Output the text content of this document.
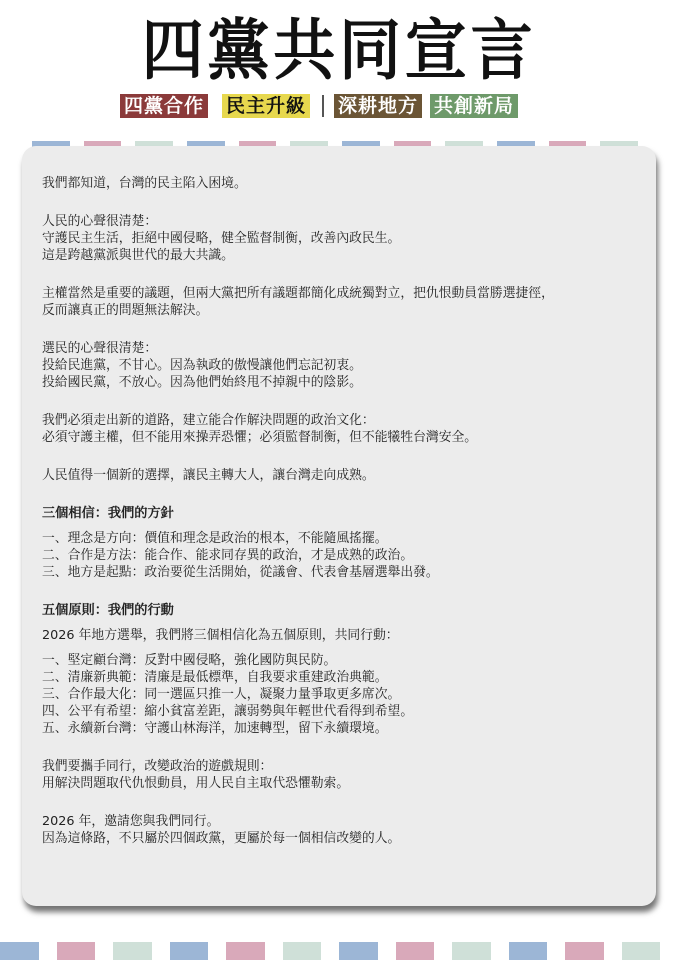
四黨共同宣言
四黨合作 民主升級 深耕地方 共創新局

我們都知道，台灣的民主陷入困境。

人民的心聲很清楚：

守護民主生活，拒絕中國侵略，健全監督制衡，改善內政民生。

這是跨越黨派與世代的最大共識。

主權當然是重要的議題，但兩大黨把所有議題都簡化成統獨對立，把仇恨動員當勝選捷徑，

反而讓真正的問題無法解決。

選民的心聲很清楚：

投給民進黨，不甘心。因為執政的傲慢讓他們忘記初衷。

投給國民黨，不放心。因為他們始終甩不掉親中的陰影。

我們必須走出新的道路，建立能合作解決問題的政治文化：

必須守護主權，但不能用來操弄恐懼；必須監督制衡，但不能犧牲台灣安全。

人民值得一個新的選擇，讓民主轉大人，讓台灣走向成熟。

三個相信：我們的方針

一、理念是方向：價值和理念是政治的根本，不能隨風搖擺。

二、合作是方法：能合作、能求同存異的政治，才是成熟的政治。

三、地方是起點：政治要從生活開始，從議會、代表會基層選舉出發。

五個原則：我們的行動

2026 年地方選舉，我們將三個相信化為五個原則，共同行動：

一、堅定顧台灣：反對中國侵略，強化國防與民防。

二、清廉新典範：清廉是最低標準，自我要求重建政治典範。

三、合作最大化：同一選區只推一人，凝聚力量爭取更多席次。

四、公平有希望：縮小貧富差距，讓弱勢與年輕世代看得到希望。

五、永續新台灣：守護山林海洋，加速轉型，留下永續環境。

我們要攜手同行，改變政治的遊戲規則：

用解決問題取代仇恨動員，用人民自主取代恐懼勒索。

2026 年，邀請您與我們同行。

因為這條路，不只屬於四個政黨，更屬於每一個相信改變的人。
